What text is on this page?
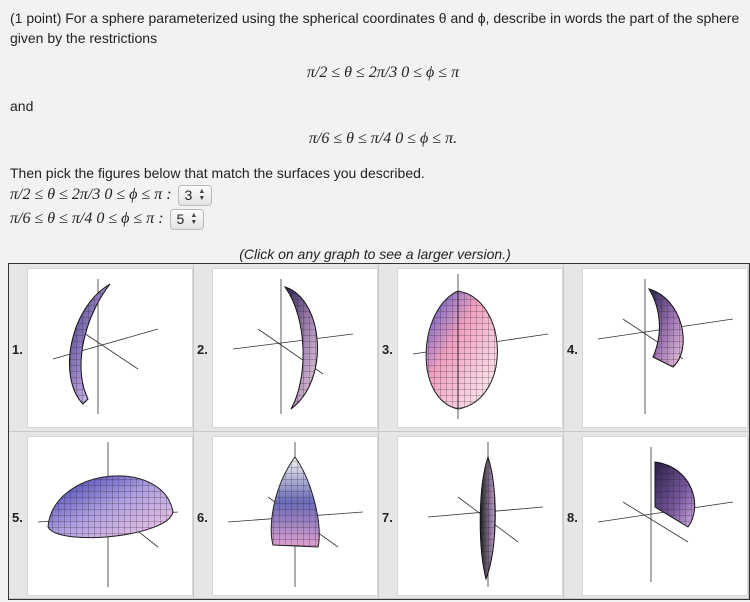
(1 point) For a sphere parameterized using the spherical coordinates θ and ϕ, describe in words the part of the sphere given by the restrictions
π/2 ≤ θ ≤ 2π/3 0 ≤ ϕ ≤ π
and
π/6 ≤ θ ≤ π/4 0 ≤ ϕ ≤ π.
Then pick the figures below that match the surfaces you described.
π/2 ≤ θ ≤ 2π/3 0 ≤ ϕ ≤ π : 3 ▲
▼
π/6 ≤ θ ≤ π/4 0 ≤ ϕ ≤ π : 5 ▲
▼
(Click on any graph to see a larger version.)
1.	2.	3.	4.
5.	6.	7.	8.
